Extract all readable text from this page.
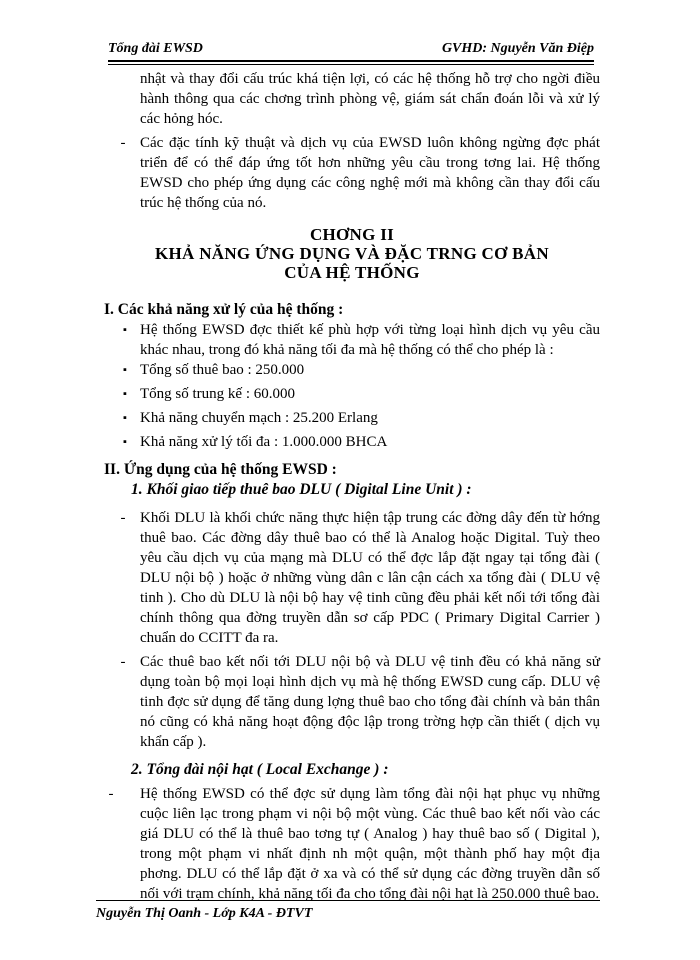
Tổng đài EWSD	GVHD: Nguyễn Văn Điệp
nhật và thay đổi cấu trúc khá tiện lợi, có các hệ thống hỗ trợ cho ngời điều hành thông qua các chơng trình phòng vệ, giám sát chẩn đoán lỗi và xử lý các hỏng hóc.
- Các đặc tính kỹ thuật và dịch vụ của EWSD luôn không ngừng đợc phát triển để có thể đáp ứng tốt hơn những yêu cầu trong tơng lai. Hệ thống EWSD cho phép ứng dụng các công nghệ mới mà không cần thay đổi cấu trúc hệ thống của nó.
CHƠNG II
KHẢ NĂNG ỨNG DỤNG VÀ ĐẶC TRNG CƠ BẢN
CỦA HỆ THỐNG
I. Các khả năng xử lý của hệ thống :
▪ Hệ thống EWSD đợc thiết kế phù hợp với từng loại hình dịch vụ yêu cầu khác nhau, trong đó khả năng tối đa mà hệ thống có thể cho phép là :
▪ Tổng số thuê bao : 250.000
▪ Tổng số trung kế : 60.000
▪ Khả năng chuyển mạch : 25.200 Erlang
▪ Khả năng xử lý tối đa : 1.000.000 BHCA
II. Ứng dụng của hệ thống EWSD :
1. Khối giao tiếp thuê bao DLU ( Digital Line Unit ) :
- Khối DLU là khối chức năng thực hiện tập trung các đờng dây đến từ hớng thuê bao. Các đờng dây thuê bao có thể là Analog hoặc Digital. Tuỳ theo yêu cầu dịch vụ của mạng mà DLU có thể đợc lắp đặt ngay tại tổng đài ( DLU nội bộ ) hoặc ở những vùng dân c lân cận cách xa tổng đài ( DLU vệ tinh ). Cho dù DLU là nội bộ hay vệ tinh cũng đều phải kết nối tới tổng đài chính thông qua đờng truyền dẫn sơ cấp PDC ( Primary Digital Carrier ) chuẩn do CCITT đa ra.
- Các thuê bao kết nối tới DLU nội bộ và DLU vệ tinh đều có khả năng sử dụng toàn bộ mọi loại hình dịch vụ mà hệ thống EWSD cung cấp. DLU vệ tinh đợc sử dụng để tăng dung lợng thuê bao cho tổng đài chính và bản thân nó cũng có khả năng hoạt động độc lập trong trờng hợp cần thiết ( dịch vụ khẩn cấp ).
2. Tổng đài nội hạt ( Local Exchange ) :
- Hệ thống EWSD có thể đợc sử dụng làm tổng đài nội hạt phục vụ những cuộc liên lạc trong phạm vi nội bộ một vùng. Các thuê bao kết nối vào các giá DLU có thể là thuê bao tơng tự ( Analog ) hay thuê bao số ( Digital ), trong một phạm vi nhất định nh một quận, một thành phố hay một địa phơng. DLU có thể lắp đặt ở xa và có thể sử dụng các đờng truyền dẫn số nối với trạm chính, khả năng tối đa cho tổng đài nội hạt là 250.000 thuê bao.
Nguyễn Thị Oanh - Lớp K4A - ĐTVT
